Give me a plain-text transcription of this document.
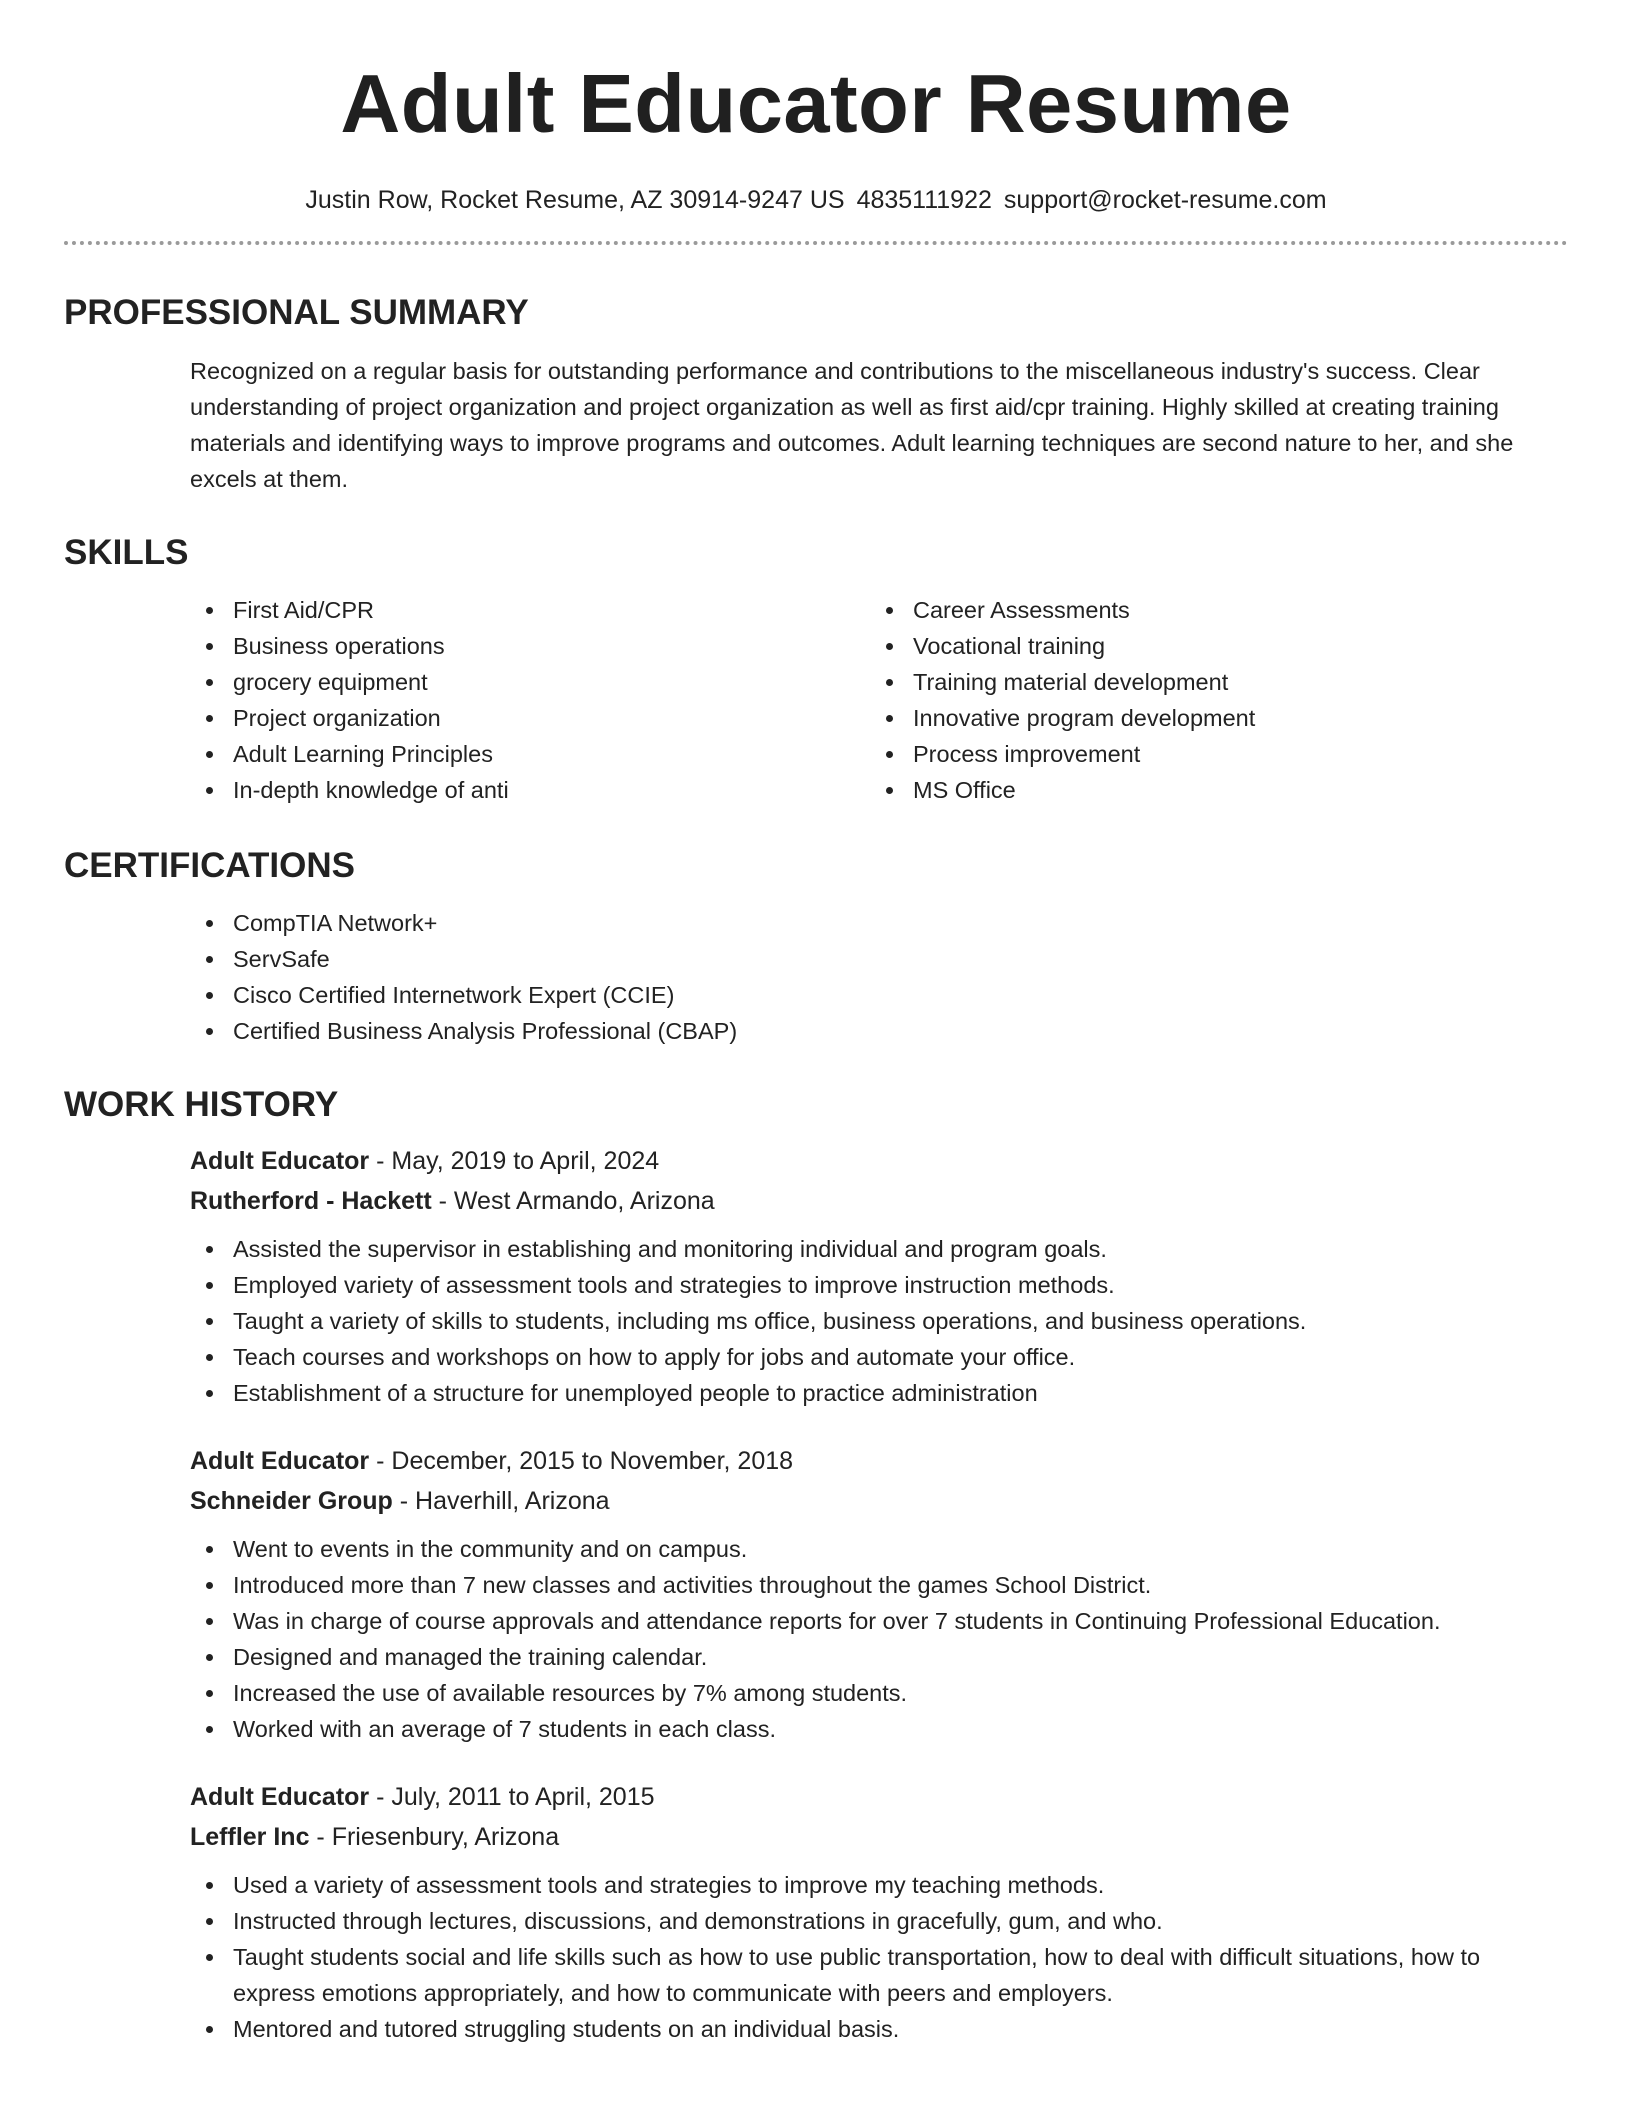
Adult Educator Resume
Justin Row, Rocket Resume, AZ 30914-9247 US 4835111922 support@rocket-resume.com
PROFESSIONAL SUMMARY

Recognized on a regular basis for outstanding performance and contributions to the miscellaneous industry's success. Clear understanding of project organization and project organization as well as first aid/cpr training. Highly skilled at creating training materials and identifying ways to improve programs and outcomes. Adult learning techniques are second nature to her, and she excels at them.

SKILLS
First Aid/CPR
Business operations
grocery equipment
Project organization
Adult Learning Principles
In-depth knowledge of anti
Career Assessments
Vocational training
Training material development
Innovative program development
Process improvement
MS Office
CERTIFICATIONS
CompTIA Network+
ServSafe
Cisco Certified Internetwork Expert (CCIE)
Certified Business Analysis Professional (CBAP)
WORK HISTORY
Adult Educator - May, 2019 to April, 2024
Rutherford - Hackett - West Armando, Arizona
Assisted the supervisor in establishing and monitoring individual and program goals.
Employed variety of assessment tools and strategies to improve instruction methods.
Taught a variety of skills to students, including ms office, business operations, and business operations.
Teach courses and workshops on how to apply for jobs and automate your office.
Establishment of a structure for unemployed people to practice administration
Adult Educator - December, 2015 to November, 2018
Schneider Group - Haverhill, Arizona
Went to events in the community and on campus.
Introduced more than 7 new classes and activities throughout the games School District.
Was in charge of course approvals and attendance reports for over 7 students in Continuing Professional Education.
Designed and managed the training calendar.
Increased the use of available resources by 7% among students.
Worked with an average of 7 students in each class.
Adult Educator - July, 2011 to April, 2015
Leffler Inc - Friesenbury, Arizona
Used a variety of assessment tools and strategies to improve my teaching methods.
Instructed through lectures, discussions, and demonstrations in gracefully, gum, and who.
Taught students social and life skills such as how to use public transportation, how to deal with difficult situations, how to express emotions appropriately, and how to communicate with peers and employers.
Mentored and tutored struggling students on an individual basis.
